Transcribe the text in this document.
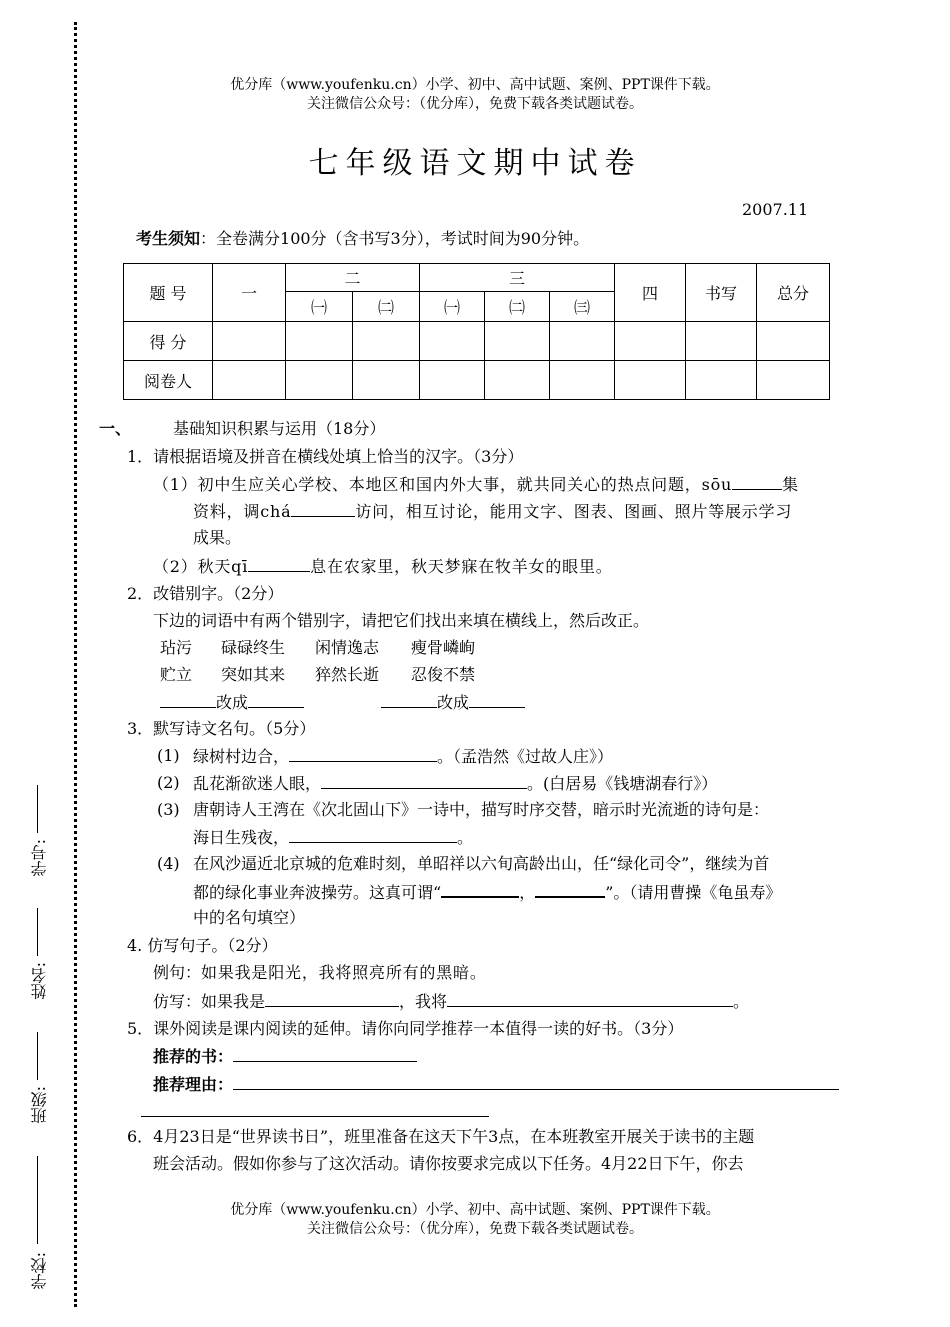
优分库（www.youfenku.cn）小学、初中、高中试题、案例、PPT课件下载。
关注微信公众号：（优分库），免费下载各类试题试卷。
学号:
姓名:
班级:
学校:
七年级语文期中试卷
2007.11
考生须知：全卷满分100分（含书写3分），考试时间为90分钟。
题 号	一	二		三			四	书写	总分
		㈠	㈡	㈠	㈡	㈢			
得 分									
阅卷人									
一、	基础知识积累与运用（18分）
1．请根据语境及拼音在横线处填上恰当的汉字。（3分）
（1）初中生应关心学校、本地区和国内外大事，就共同关心的热点问题，sōu	集
资料，调chá	访问，相互讨论，能用文字、图表、图画、照片等展示学习
成果。
（2）秋天qī	息在农家里，秋天梦寐在牧羊女的眼里。
2．改错别字。（2分）
下边的词语中有两个错别字，请把它们找出来填在横线上，然后改正。
玷污 碌碌终生 闲情逸志 瘦骨嶙峋
贮立 突如其来 猝然长逝 忍俊不禁
改成	改成
3．默写诗文名句。（5分）
(1) 绿树村边合，	。（孟浩然《过故人庄》）
(2) 乱花渐欲迷人眼，	。(白居易《钱塘湖春行》）
(3) 唐朝诗人王湾在《次北固山下》一诗中，描写时序交替，暗示时光流逝的诗句是：
海日生残夜，	。
(4) 在风沙逼近北京城的危难时刻，单昭祥以六旬高龄出山，任“绿化司令”，继续为首
都的绿化事业奔波操劳。这真可谓“	，	”。（请用曹操《龟虽寿》
中的名句填空）
4. 仿写句子。（2分）
例句：如果我是阳光，我将照亮所有的黑暗。
仿写：如果我是	，我将	。
5．课外阅读是课内阅读的延伸。请你向同学推荐一本值得一读的好书。（3分）
推荐的书：
推荐理由：
6．4月23日是“世界读书日”，班里准备在这天下午3点，在本班教室开展关于读书的主题
班会活动。假如你参与了这次活动。请你按要求完成以下任务。4月22日下午，你去
优分库（www.youfenku.cn）小学、初中、高中试题、案例、PPT课件下载。
关注微信公众号：（优分库），免费下载各类试题试卷。
